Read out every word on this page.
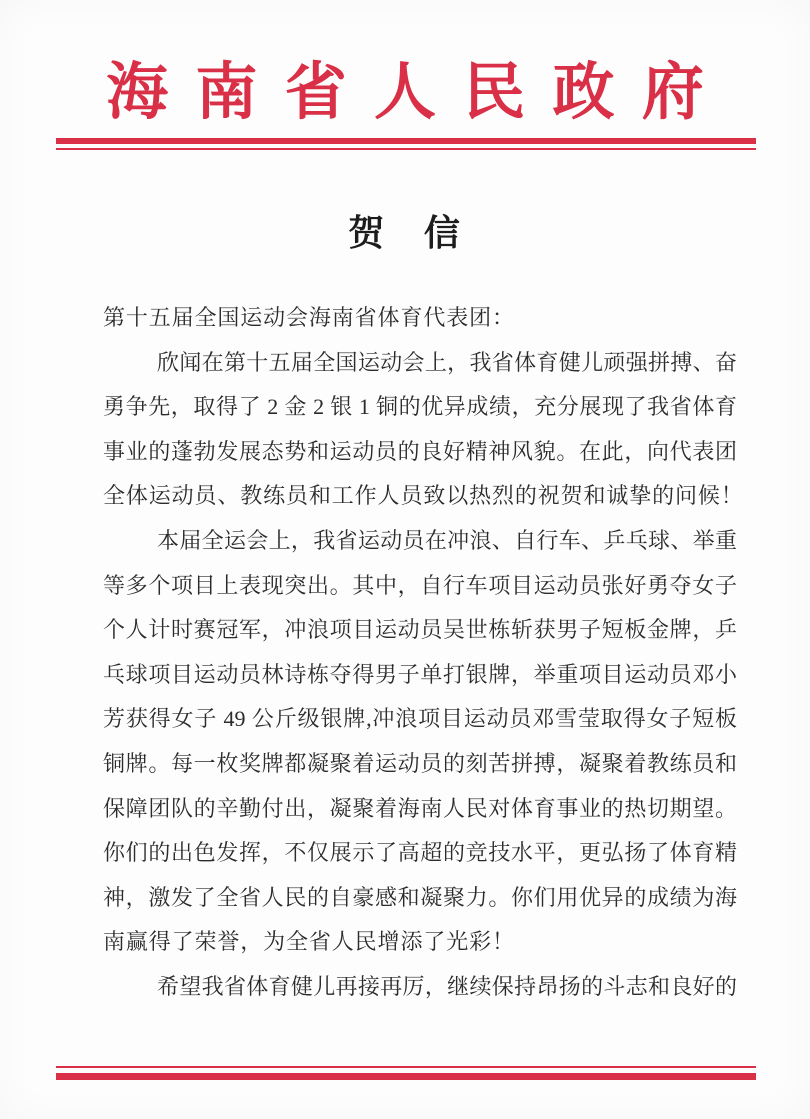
海南省人民政府
贺　信
第十五届全国运动会海南省体育代表团：
欣闻在第十五届全国运动会上，我省体育健儿顽强拼搏、奋
勇争先，取得了 2 金 2 银 1 铜的优异成绩，充分展现了我省体育
事业的蓬勃发展态势和运动员的良好精神风貌。在此，向代表团
全体运动员、教练员和工作人员致以热烈的祝贺和诚挚的问候！
本届全运会上，我省运动员在冲浪、自行车、乒乓球、举重
等多个项目上表现突出。其中，自行车项目运动员张好勇夺女子
个人计时赛冠军，冲浪项目运动员吴世栋斩获男子短板金牌，乒
乓球项目运动员林诗栋夺得男子单打银牌，举重项目运动员邓小
芳获得女子 49 公斤级银牌,冲浪项目运动员邓雪莹取得女子短板
铜牌。每一枚奖牌都凝聚着运动员的刻苦拼搏，凝聚着教练员和
保障团队的辛勤付出，凝聚着海南人民对体育事业的热切期望。
你们的出色发挥，不仅展示了高超的竞技水平，更弘扬了体育精
神，激发了全省人民的自豪感和凝聚力。你们用优异的成绩为海
南赢得了荣誉，为全省人民增添了光彩！
希望我省体育健儿再接再厉，继续保持昂扬的斗志和良好的
